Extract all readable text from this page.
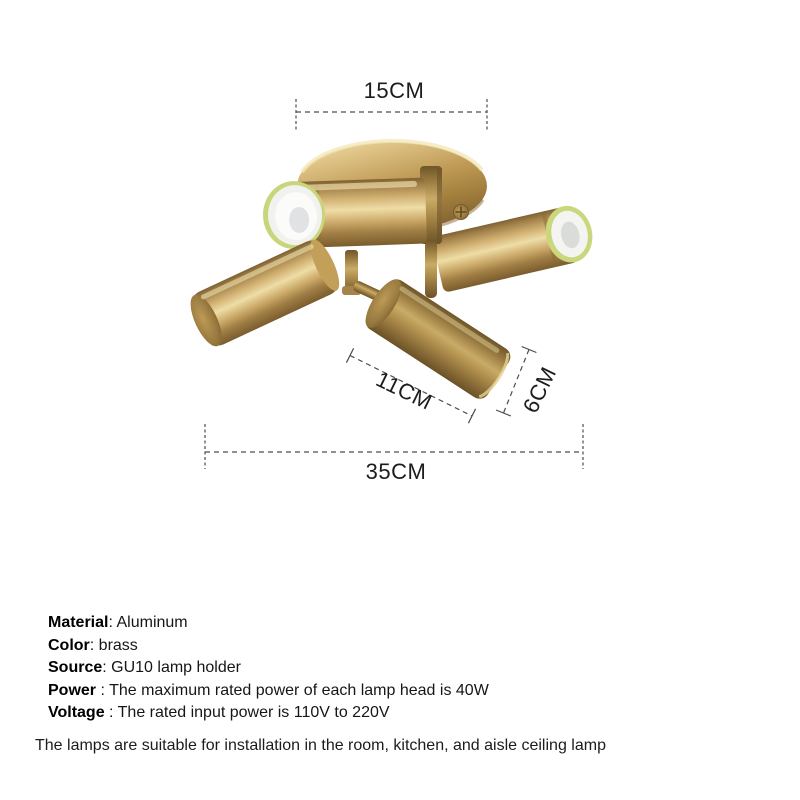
15CM
11CM	6CM
35CM
Material: Aluminum
Color: brass
Source: GU10 lamp holder
Power : The maximum rated power of each lamp head is 40W
Voltage : The rated input power is 110V to 220V

The lamps are suitable for installation in the room, kitchen, and aisle ceiling lamp
